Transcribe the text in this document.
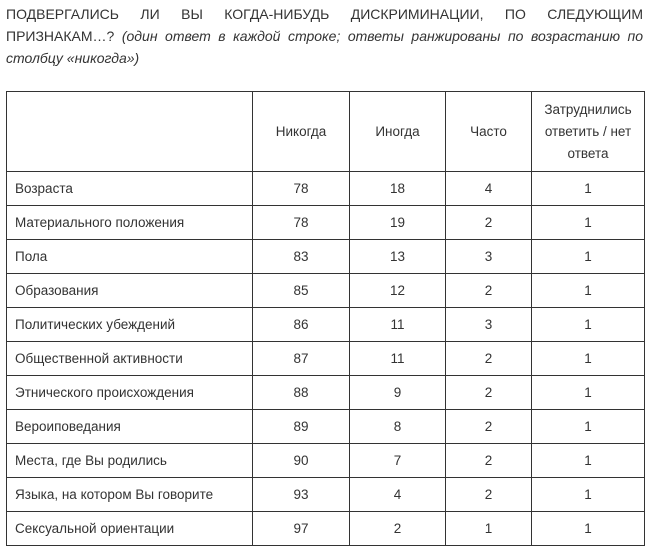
ПОДВЕРГАЛИСЬ ЛИ ВЫ КОГДА-НИБУДЬ ДИСКРИМИНАЦИИ, ПО СЛЕДУЮЩИМ ПРИЗНАКАМ…? (один ответ в каждой строке; ответы ранжированы по возрастанию по столбцу «никогда»)
	Никогда	Иногда	Часто	Затруднились ответить / нет ответа
Возраста	78	18	4	1
Материального положения	78	19	2	1
Пола	83	13	3	1
Образования	85	12	2	1
Политических убеждений	86	11	3	1
Общественной активности	87	11	2	1
Этнического происхождения	88	9	2	1
Вероиповедания	89	8	2	1
Места, где Вы родились	90	7	2	1
Языка, на котором Вы говорите	93	4	2	1
Сексуальной ориентации	97	2	1	1
